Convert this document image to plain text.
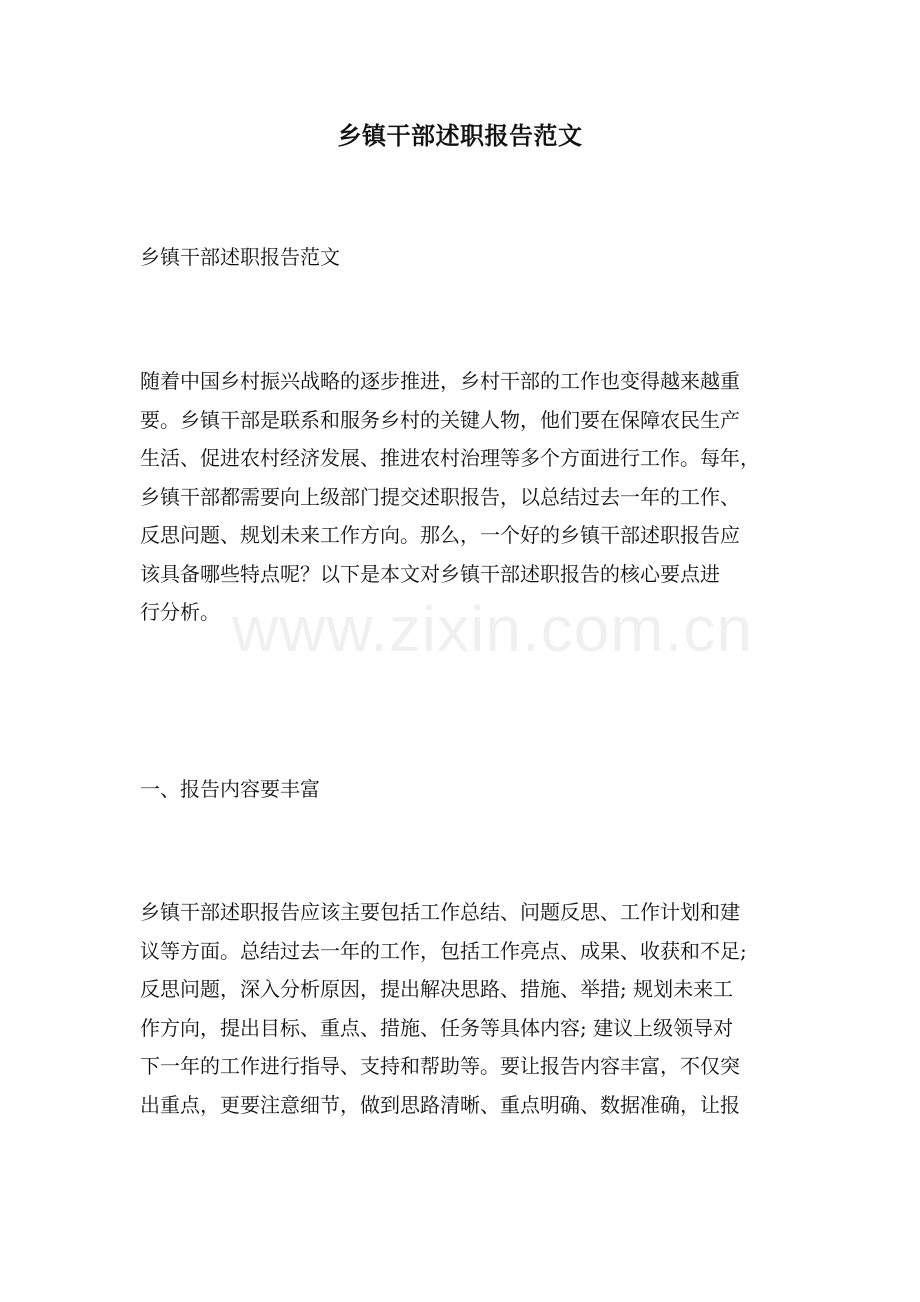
乡镇干部述职报告范文
乡镇干部述职报告范文
随着中国乡村振兴战略的逐步推进，乡村干部的工作也变得越来越重
要。乡镇干部是联系和服务乡村的关键人物，他们要在保障农民生产
生活、促进农村经济发展、推进农村治理等多个方面进行工作。每年，
乡镇干部都需要向上级部门提交述职报告，以总结过去一年的工作、
反思问题、规划未来工作方向。那么，一个好的乡镇干部述职报告应
该具备哪些特点呢？以下是本文对乡镇干部述职报告的核心要点进
行分析。
一、报告内容要丰富
乡镇干部述职报告应该主要包括工作总结、问题反思、工作计划和建
议等方面。总结过去一年的工作，包括工作亮点、成果、收获和不足;
反思问题，深入分析原因，提出解决思路、措施、举措; 规划未来工
作方向，提出目标、重点、措施、任务等具体内容; 建议上级领导对
下一年的工作进行指导、支持和帮助等。要让报告内容丰富，不仅突
出重点，更要注意细节，做到思路清晰、重点明确、数据准确，让报
www.zixin.com.cn
